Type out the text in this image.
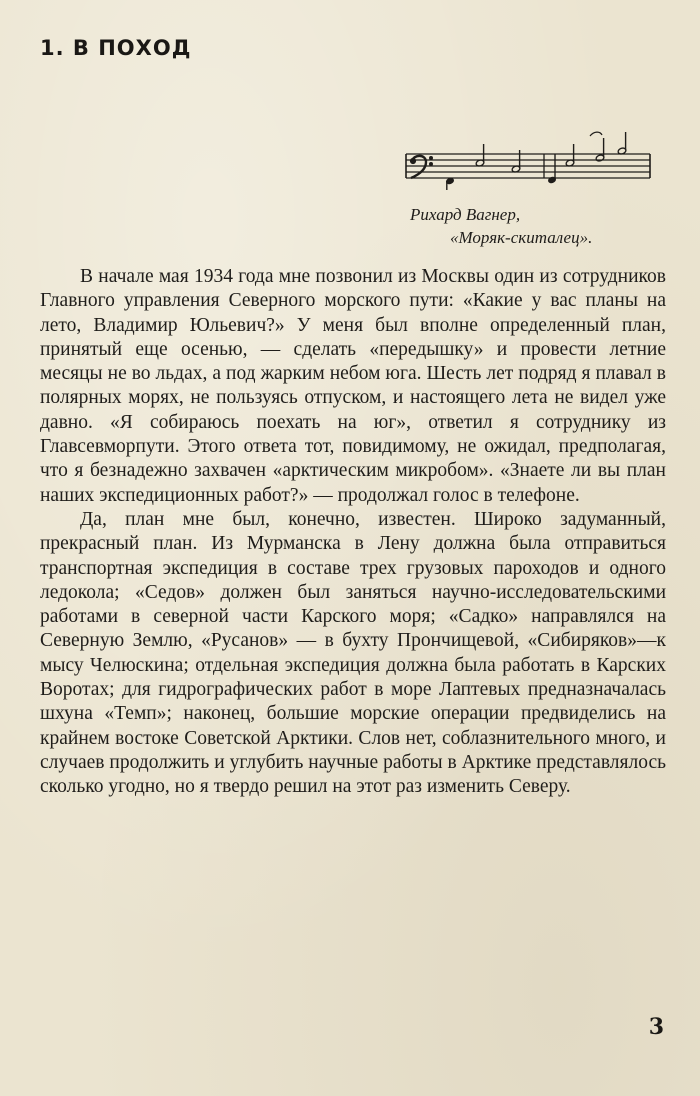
1. В ПОХОД
Рихард Вагнер,
«Моряк-скиталец».

В начале мая 1934 года мне позвонил из Москвы один из сотрудников Главного управления Северного морского пути: «Какие у вас планы на лето, Владимир Юльевич?» У меня был вполне определенный план, принятый еще осенью, — сделать «передышку» и провести летние месяцы не во льдах, а под жарким небом юга. Шесть лет подряд я плавал в полярных морях, не пользуясь отпуском, и настоящего лета не видел уже давно. «Я собираюсь поехать на юг», ответил я сотруднику из Главсевморпути. Этого ответа тот, повидимому, не ожидал, предполагая, что я безнадежно захвачен «арктическим микробом». «Знаете ли вы план наших экспедиционных работ?» — продолжал голос в телефоне.

Да, план мне был, конечно, известен. Широко задуманный, прекрасный план. Из Мурманска в Лену должна была отправиться транспортная экспедиция в составе трех грузовых пароходов и одного ледокола; «Седов» должен был заняться научно-исследовательскими работами в северной части Карского моря; «Садко» направлялся на Северную Землю, «Русанов» — в бухту Прончищевой, «Сибиряков»—к мысу Челюскина; отдельная экспедиция должна была работать в Карских Воротах; для гидрографических работ в море Лаптевых предназначалась шхуна «Темп»; наконец, большие морские операции предвиделись на крайнем востоке Советской Арктики. Слов нет, соблазнительного много, и случаев продолжить и углубить научные работы в Арктике представлялось сколько угодно, но я твердо решил на этот раз изменить Северу.

3
